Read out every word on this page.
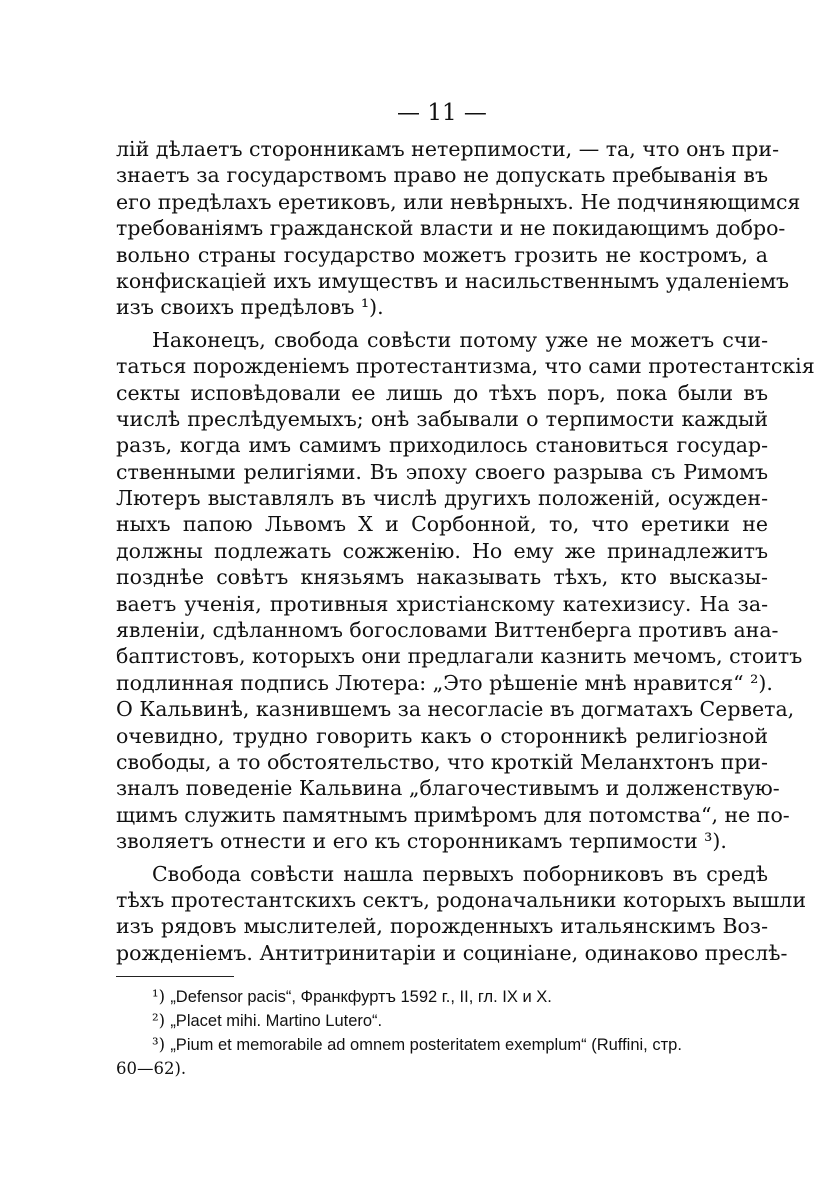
— 11 —
лій дѣлаетъ сторонникамъ нетерпимости, — та, что онъ при-
знаетъ за государствомъ право не допускать пребыванія въ
его предѣлахъ еретиковъ, или невѣрныхъ. Не подчиняющимся
требованіямъ гражданской власти и не покидающимъ добро-
вольно страны государство можетъ грозить не костромъ, а
конфискаціей ихъ имуществъ и насильственнымъ удаленіемъ
изъ своихъ предѣловъ ¹).
Наконецъ, свобода совѣсти потому уже не можетъ счи-
таться порожденіемъ протестантизма, что сами протестантскія
секты исповѣдовали ее лишь до тѣхъ поръ, пока были въ
числѣ преслѣдуемыхъ; онѣ забывали о терпимости каждый
разъ, когда имъ самимъ приходилось становиться государ-
ственными религіями. Въ эпоху своего разрыва съ Римомъ
Лютеръ выставлялъ въ числѣ другихъ положеній, осужден-
ныхъ папою Львомъ X и Сорбонной, то, что еретики не
должны подлежать сожженію. Но ему же принадлежитъ
позднѣе совѣтъ князьямъ наказывать тѣхъ, кто высказы-
ваетъ ученія, противныя христіанскому катехизису. На за-
явленіи, сдѣланномъ богословами Виттенберга противъ ана-
баптистовъ, которыхъ они предлагали казнить мечомъ, стоитъ
подлинная подпись Лютера: „Это рѣшеніе мнѣ нравится“ ²).
О Кальвинѣ, казнившемъ за несогласіе въ догматахъ Сервета,
очевидно, трудно говорить какъ о сторонникѣ религіозной
свободы, а то обстоятельство, что кроткій Меланхтонъ при-
зналъ поведеніе Кальвина „благочестивымъ и долженствую-
щимъ служить памятнымъ примѣромъ для потомства“, не по-
зволяетъ отнести и его къ сторонникамъ терпимости ³).
Свобода совѣсти нашла первыхъ поборниковъ въ средѣ
тѣхъ протестантскихъ сектъ, родоначальники которыхъ вышли
изъ рядовъ мыслителей, порожденныхъ итальянскимъ Воз-
рожденіемъ. Антитринитаріи и социніане, одинаково преслѣ-
¹) „Defensor pacis“, Франкфуртъ 1592 г., II, гл. IX и X.
²) „Placet mihi. Martino Lutero“.
³) „Pium et memorabile ad omnem posteritatem exemplum“ (Ruffini, стр.
60—62).
